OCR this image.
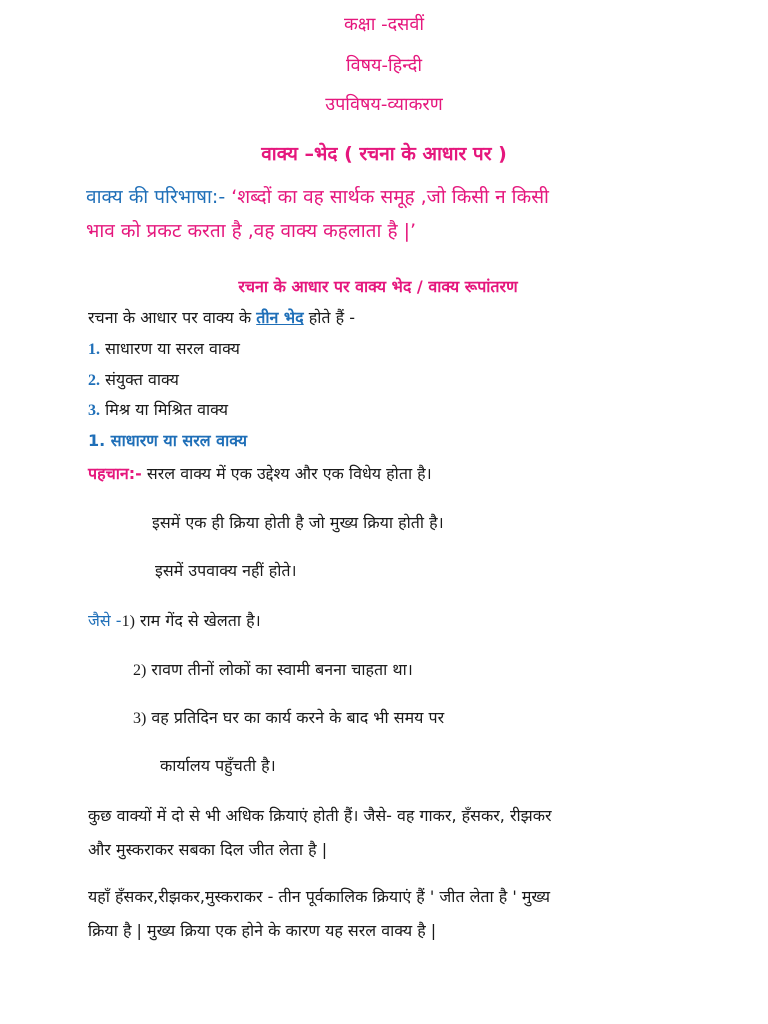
कक्षा -दसवीं
विषय-हिन्दी
उपविषय-व्याकरण
वाक्य –भेद ( रचना के आधार पर )
वाक्य की परिभाषा:- ‘शब्दों का वह सार्थक समूह ,जो किसी न किसी
भाव को प्रकट करता है ,वह वाक्य कहलाता है |’
रचना के आधार पर वाक्य भेद / वाक्य रूपांतरण
रचना के आधार पर वाक्य के तीन भेद होते हैं -
1. साधारण या सरल वाक्य
2. संयुक्त वाक्य
3. मिश्र या मिश्रित वाक्य
1. साधारण या सरल वाक्य
पहचान:- सरल वाक्य में एक उद्देश्य और एक विधेय होता है।
इसमें एक ही क्रिया होती है जो मुख्य क्रिया होती है।
इसमें उपवाक्य नहीं होते।
जैसे -1) राम गेंद से खेलता है।
2) रावण तीनों लोकों का स्वामी बनना चाहता था।
3) वह प्रतिदिन घर का कार्य करने के बाद भी समय पर
कार्यालय पहुँचती है।
कुछ वाक्यों में दो से भी अधिक क्रियाएं होती हैं। जैसे- वह गाकर, हँसकर, रीझकर
और मुस्कराकर सबका दिल जीत लेता है |
यहाँ हँसकर,रीझकर,मुस्कराकर - तीन पूर्वकालिक क्रियाएं हैं ' जीत लेता है ' मुख्य
क्रिया है | मुख्य क्रिया एक होने के कारण यह सरल वाक्य है |
